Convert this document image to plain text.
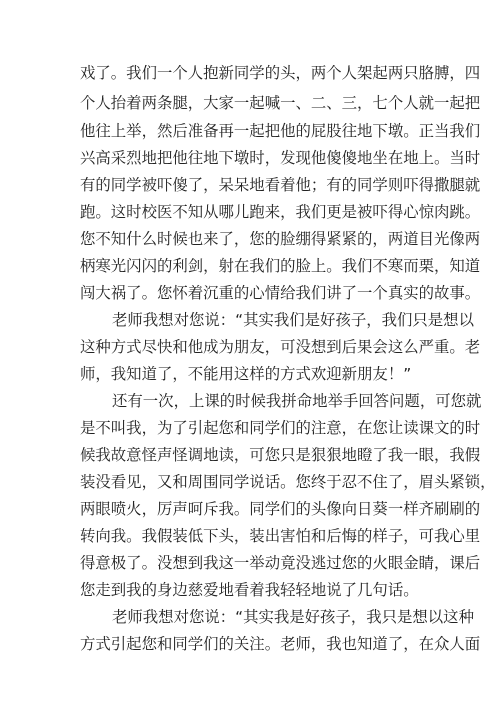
戏了。我们一个人抱新同学的头，两个人架起两只胳膊，四
个人抬着两条腿，大家一起喊一、二、三，七个人就一起把
他往上举，然后准备再一起把他的屁股往地下墩。正当我们
兴高采烈地把他往地下墩时，发现他傻傻地坐在地上。当时
有的同学被吓傻了，呆呆地看着他；有的同学则吓得撒腿就
跑。这时校医不知从哪儿跑来，我们更是被吓得心惊肉跳。
您不知什么时候也来了，您的脸绷得紧紧的，两道目光像两
柄寒光闪闪的利剑，射在我们的脸上。我们不寒而栗，知道
闯大祸了。您怀着沉重的心情给我们讲了一个真实的故事。
老师我想对您说：“其实我们是好孩子，我们只是想以
这种方式尽快和他成为朋友，可没想到后果会这么严重。老
师，我知道了，不能用这样的方式欢迎新朋友！”
还有一次，上课的时候我拼命地举手回答问题，可您就
是不叫我，为了引起您和同学们的注意，在您让读课文的时
候我故意怪声怪调地读，可您只是狠狠地瞪了我一眼，我假
装没看见，又和周围同学说话。您终于忍不住了，眉头紧锁，
两眼喷火，厉声呵斥我。同学们的头像向日葵一样齐刷刷的
转向我。我假装低下头，装出害怕和后悔的样子，可我心里
得意极了。没想到我这一举动竟没逃过您的火眼金睛，课后
您走到我的身边慈爱地看着我轻轻地说了几句话。
老师我想对您说：“其实我是好孩子，我只是想以这种
方式引起您和同学们的关注。老师，我也知道了，在众人面
